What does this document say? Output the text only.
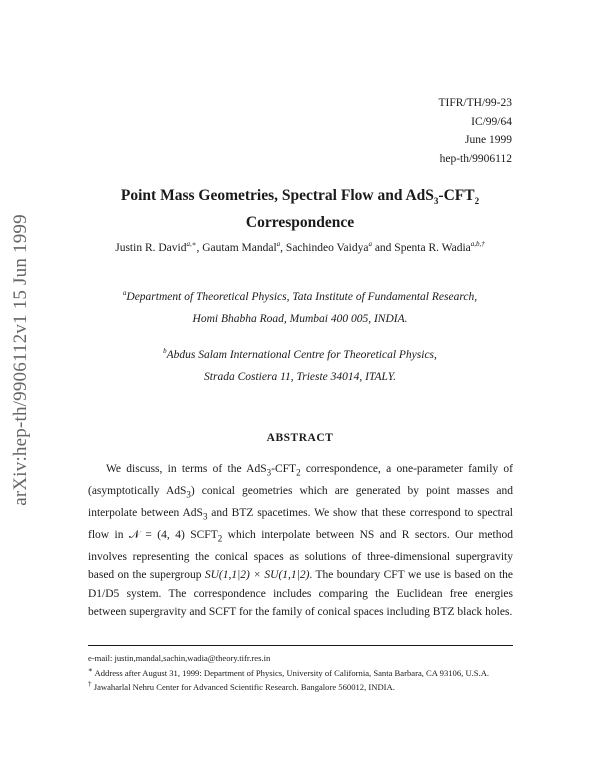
arXiv:hep-th/9906112v1 15 Jun 1999
TIFR/TH/99-23
IC/99/64
June 1999
hep-th/9906112
Point Mass Geometries, Spectral Flow and $AdS_3-CFT_2$
Correspondence
Justin R. David$^{a,∗}$, Gautam Mandal$^a$, Sachindeo Vaidya$^a$ and Spenta R. Wadia$^{a,b,\dagger}$
$^a$Department of Theoretical Physics, Tata Institute of Fundamental Research,
Homi Bhabha Road, Mumbai 400 005, INDIA.
$^b$Abdus Salam International Centre for Theoretical Physics,
Strada Costiera 11, Trieste 34014, ITALY.
ABSTRACT
We discuss, in terms of the $AdS_3-CFT_2$ correspondence, a one-parameter family of (asymptotically AdS$_3$) conical geometries which are generated by point masses and interpolate between AdS$_3$ and BTZ spacetimes. We show that these correspond to spectral flow in 𝒩 = (4, 4) $SCFT_2$ which interpolate between NS and R sectors. Our method involves representing the conical spaces as solutions of three-dimensional supergravity based on the supergroup SU(1,1|2) × SU(1,1|2). The boundary CFT we use is based on the D1/D5 system. The correspondence includes comparing the Euclidean free energies between supergravity and SCFT for the family of conical spaces including BTZ black holes.

e-mail: justin,mandal,sachin,wadia@theory.tifr.res.in

∗ Address after August 31, 1999: Department of Physics, University of California, Santa Barbara, CA 93106, U.S.A.

† Jawaharlal Nehru Center for Advanced Scientific Research. Bangalore 560012, INDIA.
